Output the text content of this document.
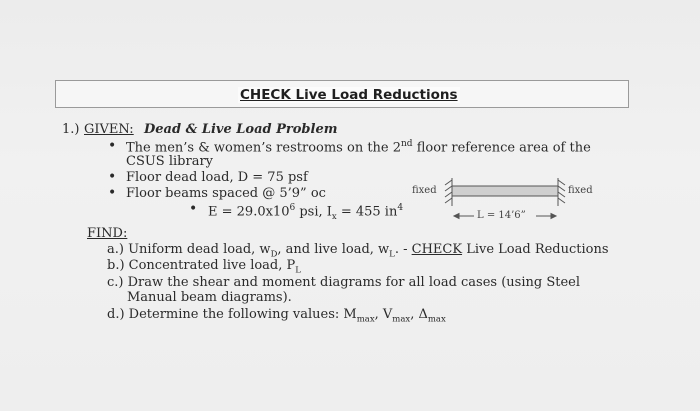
CHECK Live Load Reductions
1.) GIVEN: Dead & Live Load Problem
• The men’s & women’s restrooms on the 2nd floor reference area of the
CSUS library
• Floor dead load, D = 75 psf
• Floor beams spaced @ 5’9” oc
• $E = 29.0x10^6$ psi, $I_x = 455$ $in^4$
fixed	fixed
L = 14’6”
FIND:
a.) Uniform dead load, $w_D$, and live load, $w_L$. - CHECK Live Load Reductions
b.) Concentrated live load, $P_L$
c.) Draw the shear and moment diagrams for all load cases (using Steel
Manual beam diagrams).
d.) Determine the following values: $M_{max}$, $V_{max}$, $\Delta_{max}$
